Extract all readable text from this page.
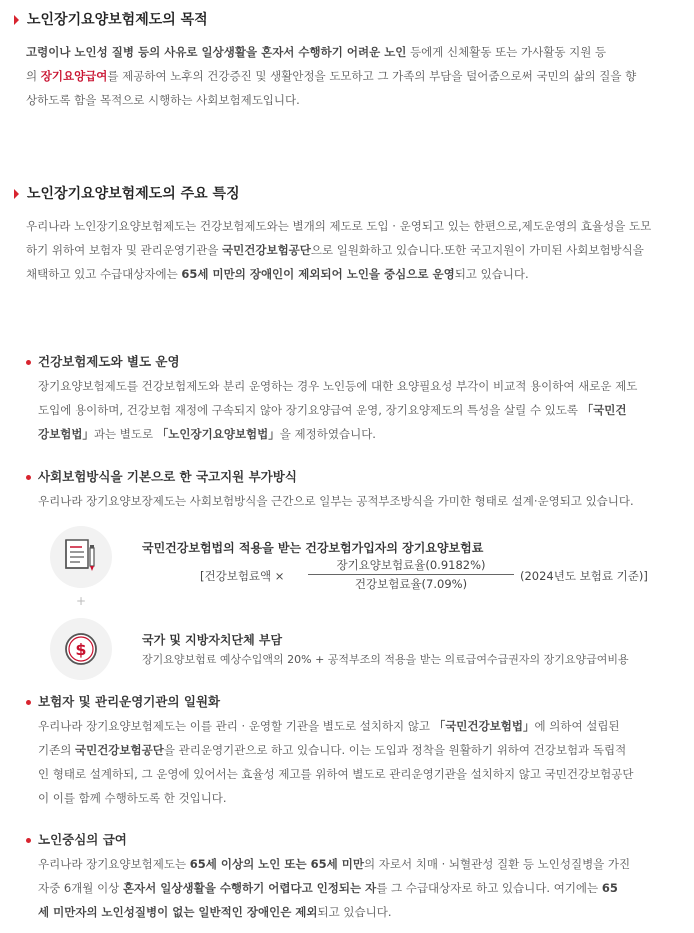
노인장기요양보험제도의 목적
고령이나 노인성 질병 등의 사유로 일상생활을 혼자서 수행하기 어려운 노인 등에게 신체활동 또는 가사활동 지원 등
의 장기요양급여를 제공하여 노후의 건강증진 및 생활안정을 도모하고 그 가족의 부담을 덜어줌으로써 국민의 삶의 질을 향
상하도록 함을 목적으로 시행하는 사회보험제도입니다.
노인장기요양보험제도의 주요 특징
우리나라 노인장기요양보험제도는 건강보험제도와는 별개의 제도로 도입 · 운영되고 있는 한편으로,제도운영의 효율성을 도모
하기 위하여 보험자 및 관리운영기관을 국민건강보험공단으로 일원화하고 있습니다.또한 국고지원이 가미된 사회보험방식을
채택하고 있고 수급대상자에는 65세 미만의 장애인이 제외되어 노인을 중심으로 운영되고 있습니다.
건강보험제도와 별도 운영
장기요양보험제도를 건강보험제도와 분리 운영하는 경우 노인등에 대한 요양필요성 부각이 비교적 용이하여 새로운 제도
도입에 용이하며, 건강보험 재정에 구속되지 않아 장기요양급여 운영, 장기요양제도의 특성을 살릴 수 있도록 「국민건
강보험법」과는 별도로 「노인장기요양보험법」을 제정하였습니다.
사회보험방식을 기본으로 한 국고지원 부가방식
우리나라 장기요양보장제도는 사회보험방식을 근간으로 일부는 공적부조방식을 가미한 형태로 설계·운영되고 있습니다.
+
국민건강보험법의 적용을 받는 건강보험가입자의 장기요양보험료
[건강보험료액 ×
장기요양보험료율(0.9182%)
건강보험료율(7.09%)
(2024년도 보험료 기준)]
$	국가 및 지방자치단체 부담
장기요양보험료 예상수입액의 20% + 공적부조의 적용을 받는 의료급여수급권자의 장기요양급여비용
보험자 및 관리운영기관의 일원화
우리나라 장기요양보험제도는 이를 관리 · 운영할 기관을 별도로 설치하지 않고 「국민건강보험법」에 의하여 설립된
기존의 국민건강보험공단을 관리운영기관으로 하고 있습니다. 이는 도입과 정착을 원활하기 위하여 건강보험과 독립적
인 형태로 설계하되, 그 운영에 있어서는 효율성 제고를 위하여 별도로 관리운영기관을 설치하지 않고 국민건강보험공단
이 이를 함께 수행하도록 한 것입니다.
노인중심의 급여
우리나라 장기요양보험제도는 65세 이상의 노인 또는 65세 미만의 자로서 치매 · 뇌혈관성 질환 등 노인성질병을 가진
자중 6개월 이상 혼자서 일상생활을 수행하기 어렵다고 인정되는 자를 그 수급대상자로 하고 있습니다. 여기에는 65
세 미만자의 노인성질병이 없는 일반적인 장애인은 제외되고 있습니다.
